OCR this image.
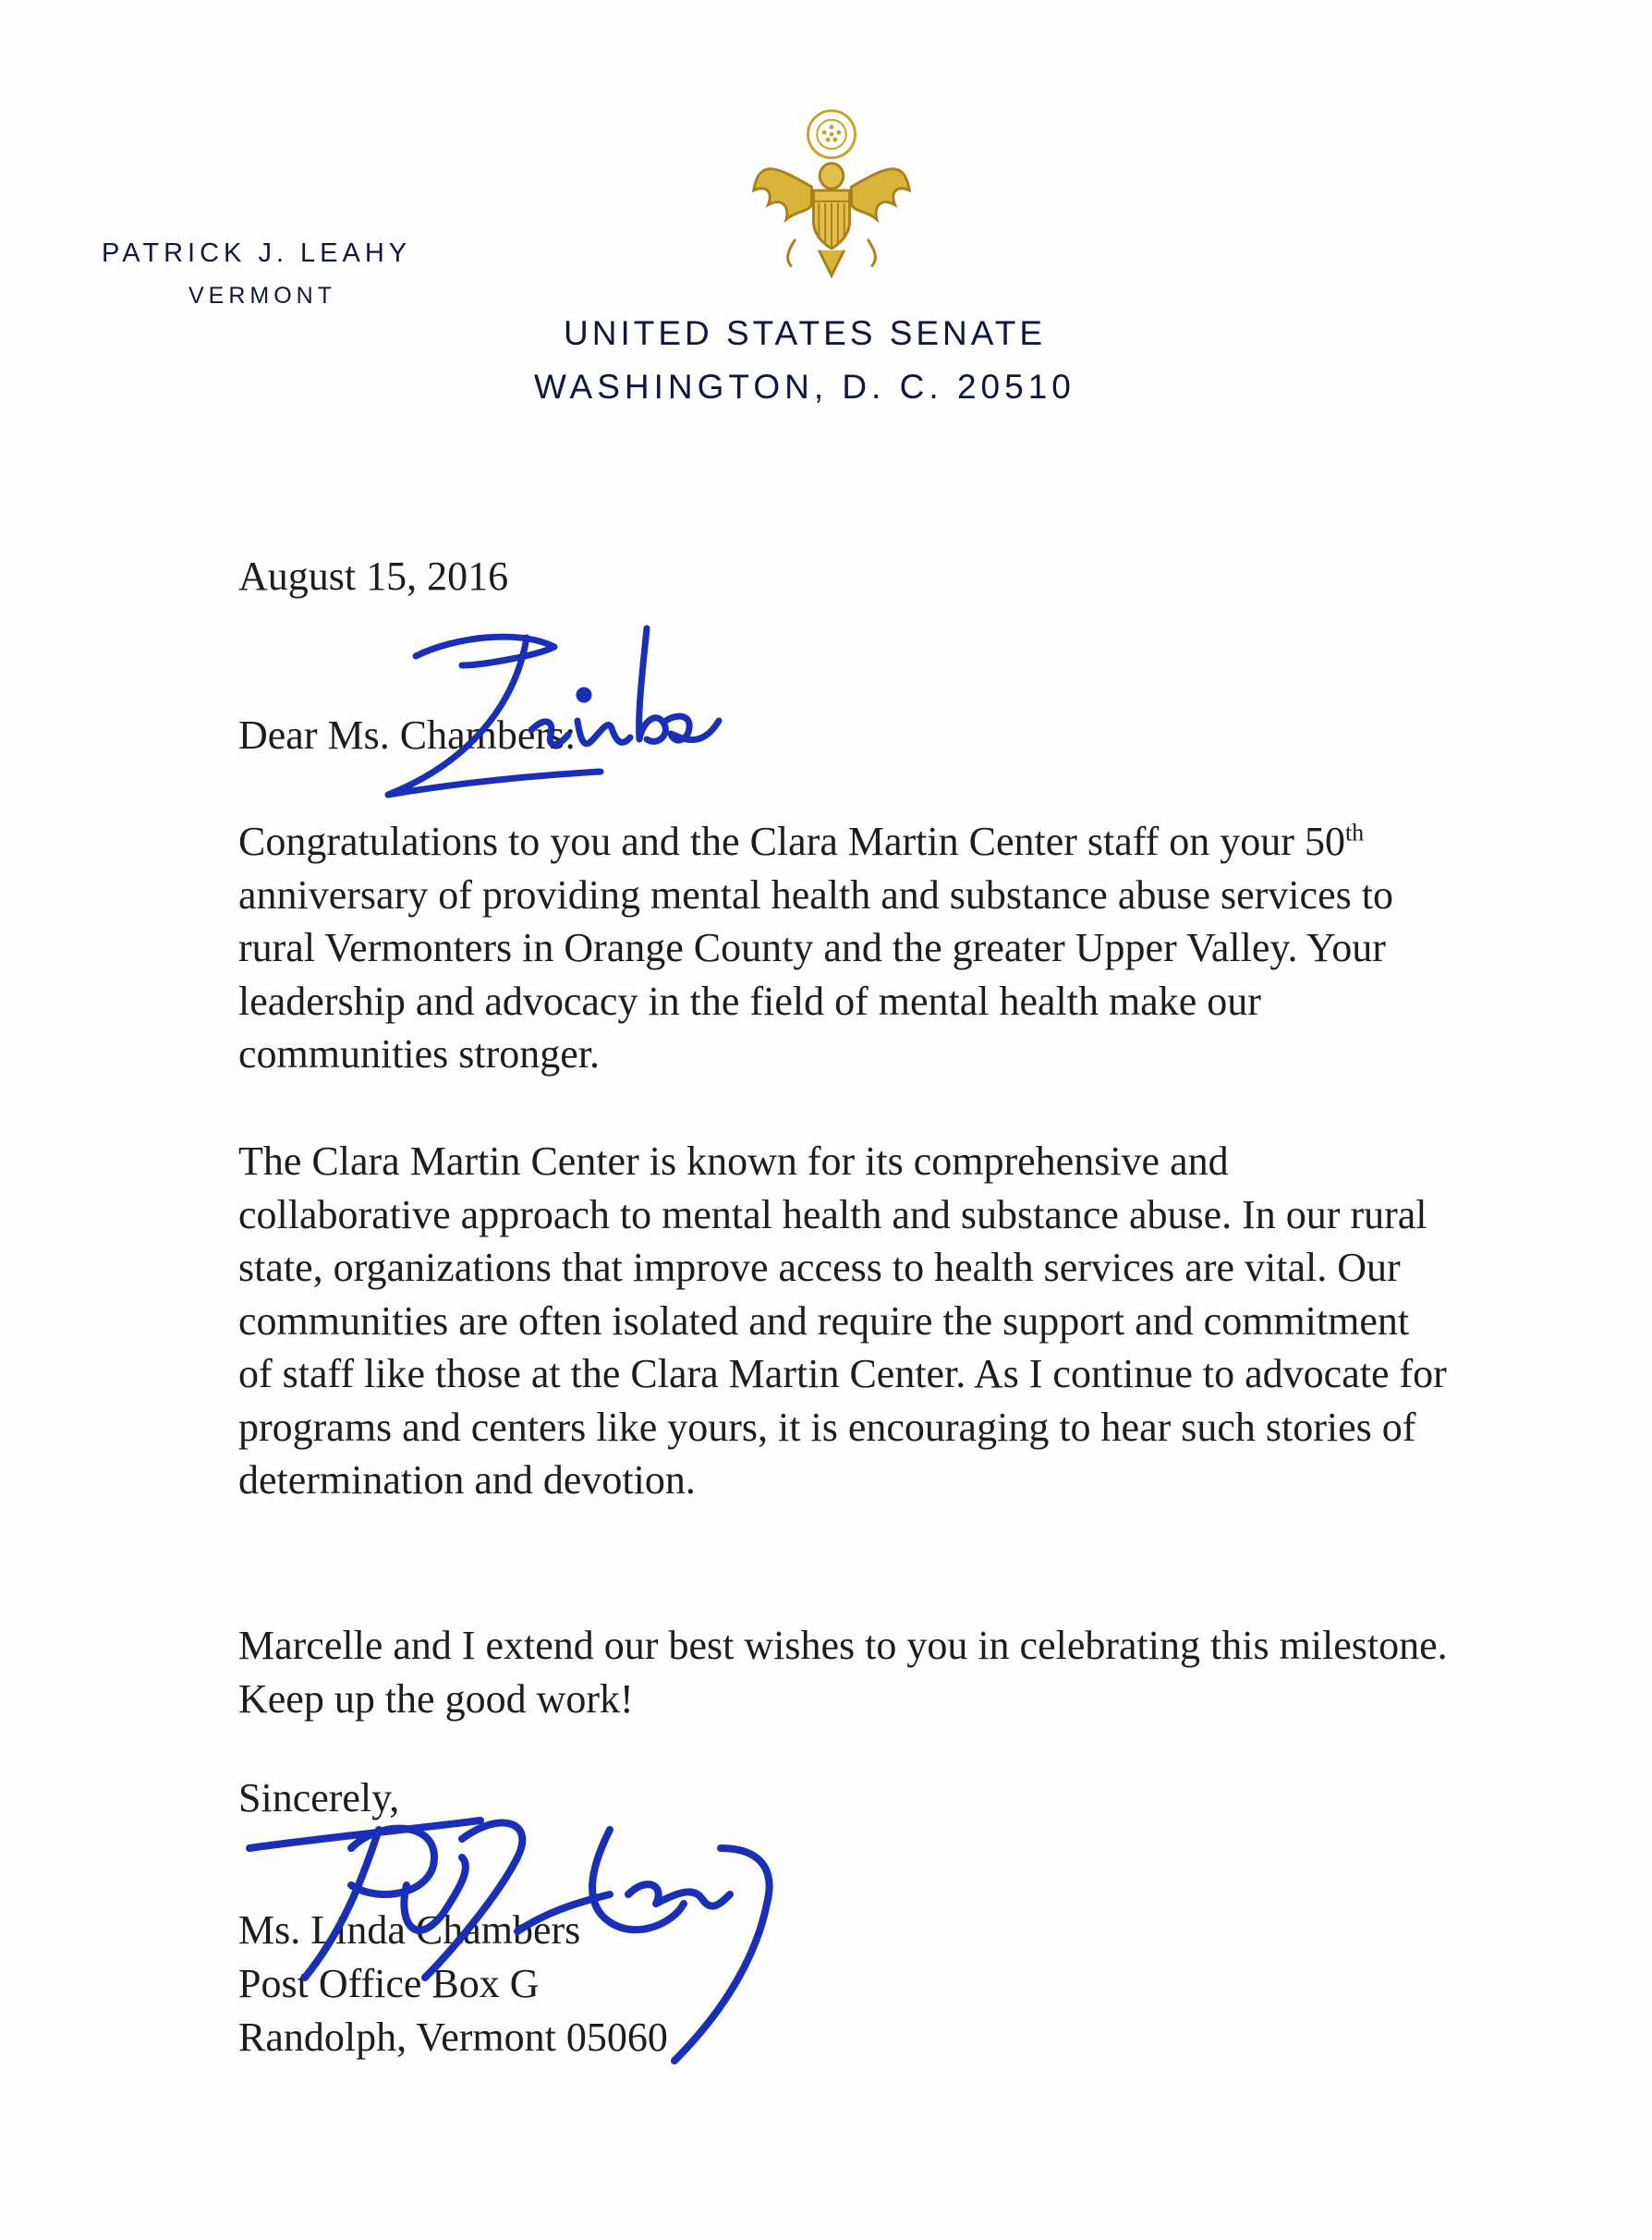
PATRICK J. LEAHY
VERMONT
UNITED STATES SENATE
WASHINGTON, D. C. 20510
August 15, 2016
Dear Ms. Chambers:
Congratulations to you and the Clara Martin Center staff on your 50th anniversary of providing mental health and substance abuse services to rural Vermonters in Orange County and the greater Upper Valley. Your leadership and advocacy in the field of mental health make our communities stronger.
The Clara Martin Center is known for its comprehensive and collaborative approach to mental health and substance abuse. In our rural state, organizations that improve access to health services are vital. Our communities are often isolated and require the support and commitment of staff like those at the Clara Martin Center. As I continue to advocate for programs and centers like yours, it is encouraging to hear such stories of determination and devotion.
Marcelle and I extend our best wishes to you in celebrating this milestone. Keep up the good work!
Sincerely,
Ms. Linda Chambers
Post Office Box G
Randolph, Vermont 05060
